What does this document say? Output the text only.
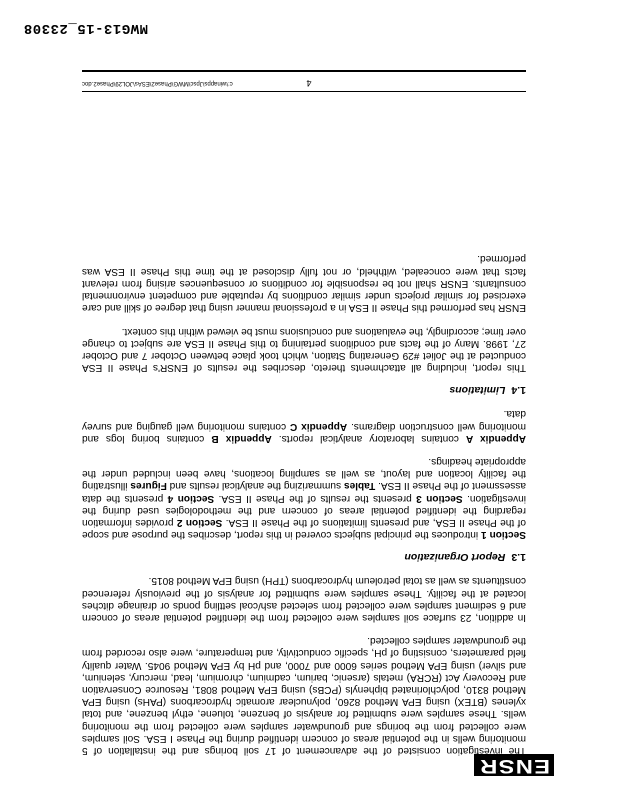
ENSR

The investigation consisted of the advancement of 17 soil borings and the installation of 5 monitoring wells in the potential areas of concern identified during the Phase I ESA. Soil samples were collected from the borings and groundwater samples were collected from the monitoring wells. These samples were submitted for analysis of benzene, toluene, ethyl benzene, and total xylenes (BTEX) using EPA Method 8260, polynuclear aromatic hydrocarbons (PAHs) using EPA Method 8310, polychlorinated biphenyls (PCBs) using EPA Method 8081, Resource Conservation and Recovery Act (RCRA) metals (arsenic, barium, cadmium, chromium, lead, mercury, selenium, and silver) using EPA Method series 6000 and 7000, and pH by EPA Method 9045. Water quality field parameters, consisting of pH, specific conductivity, and temperature, were also recorded from the groundwater samples collected.

In addition, 23 surface soil samples were collected from the identified potential areas of concern and 6 sediment samples were collected from selected ash/coal settling ponds or drainage ditches located at the facility. These samples were submitted for analysis of the previously referenced constituents as well as total petroleum hydrocarbons (TPH) using EPA Method 8015.

1.3Report Organization

Section 1 introduces the principal subjects covered in this report, describes the purpose and scope of the Phase II ESA, and presents limitations of the Phase II ESA. Section 2 provides information regarding the identified potential areas of concern and the methodologies used during the investigation. Section 3 presents the results of the Phase II ESA. Section 4 presents the data assessment of the Phase II ESA. Tables summarizing the analytical results and Figures illustrating the facility location and layout, as well as sampling locations, have been included under the appropriate headings.

Appendix A contains laboratory analytical reports. Appendix B contains boring logs and monitoring well construction diagrams. Appendix C contains monitoring well gauging and survey data.

1.4Limitations

This report, including all attachments thereto, describes the results of ENSR's Phase II ESA conducted at the Joliet #29 Generating Station, which took place between October 7 and October 27, 1998. Many of the facts and conditions pertaining to this Phase II ESA are subject to change over time; accordingly, the evaluations and conclusions must be viewed within this context.

ENSR has performed this Phase II ESA in a professional manner using that degree of skill and care exercised for similar projects under similar conditions by reputable and competent environmental consultants. ENSR shall not be responsible for conditions or consequences arising from relevant facts that were concealed, withheld, or not fully disclosed at the time this Phase II ESA was performed.

4
c:\winapps\Jpsc\MWG\Phase2\ESAs\JOL29\Phase2.doc
MWG13-15_23308
